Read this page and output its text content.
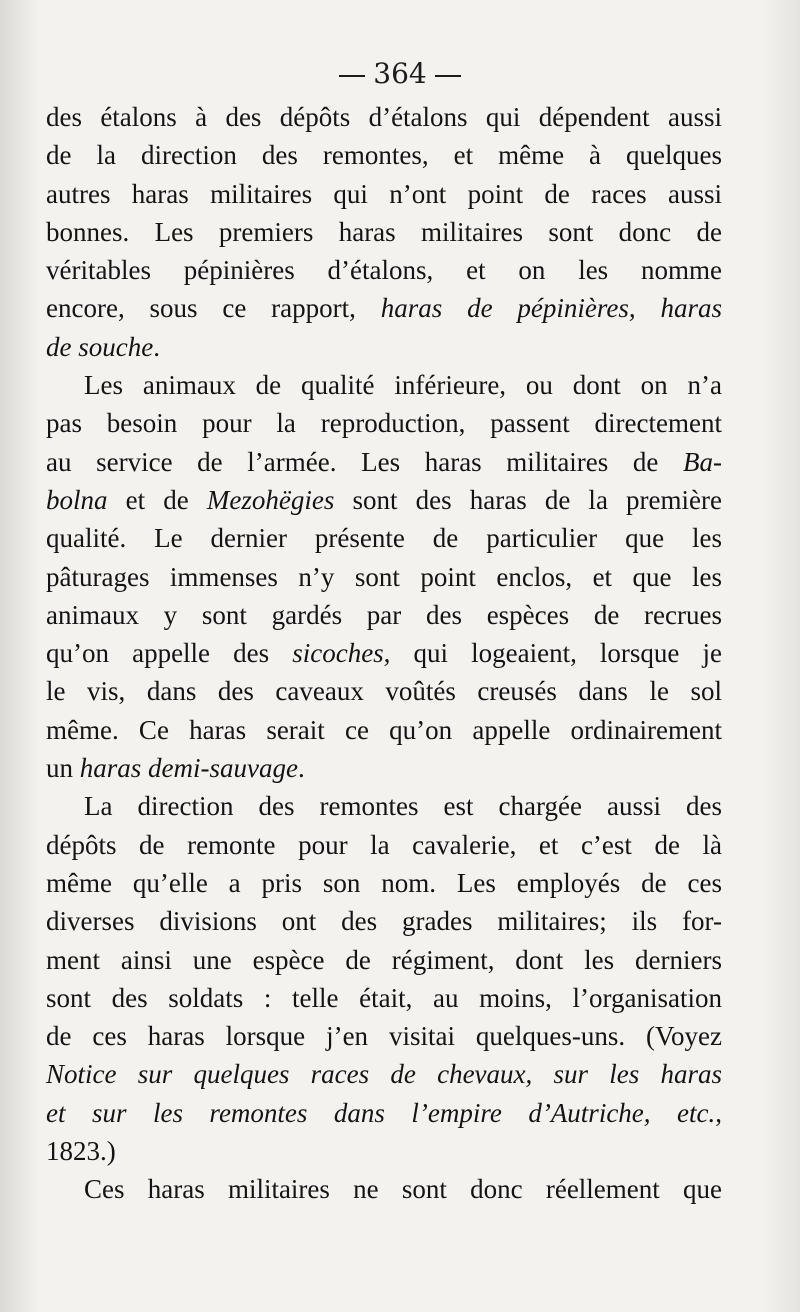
364
des étalons à des dépôts d’étalons qui dépendent aussi
de la direction des remontes, et même à quelques
autres haras militaires qui n’ont point de races aussi
bonnes. Les premiers haras militaires sont donc de
véritables pépinières d’étalons, et on les nomme
encore, sous ce rapport, haras de pépinières, haras
de souche.
Les animaux de qualité inférieure, ou dont on n’a
pas besoin pour la reproduction, passent directement
au service de l’armée. Les haras militaires de Ba-
bolna et de Mezohëgies sont des haras de la première
qualité. Le dernier présente de particulier que les
pâturages immenses n’y sont point enclos, et que les
animaux y sont gardés par des espèces de recrues
qu’on appelle des sicoches, qui logeaient, lorsque je
le vis, dans des caveaux voûtés creusés dans le sol
même. Ce haras serait ce qu’on appelle ordinairement
un haras demi-sauvage.
La direction des remontes est chargée aussi des
dépôts de remonte pour la cavalerie, et c’est de là
même qu’elle a pris son nom. Les employés de ces
diverses divisions ont des grades militaires; ils for-
ment ainsi une espèce de régiment, dont les derniers
sont des soldats : telle était, au moins, l’organisation
de ces haras lorsque j’en visitai quelques-uns. (Voyez
Notice sur quelques races de chevaux, sur les haras
et sur les remontes dans l’empire d’Autriche, etc.,
1823.)
Ces haras militaires ne sont donc réellement que
